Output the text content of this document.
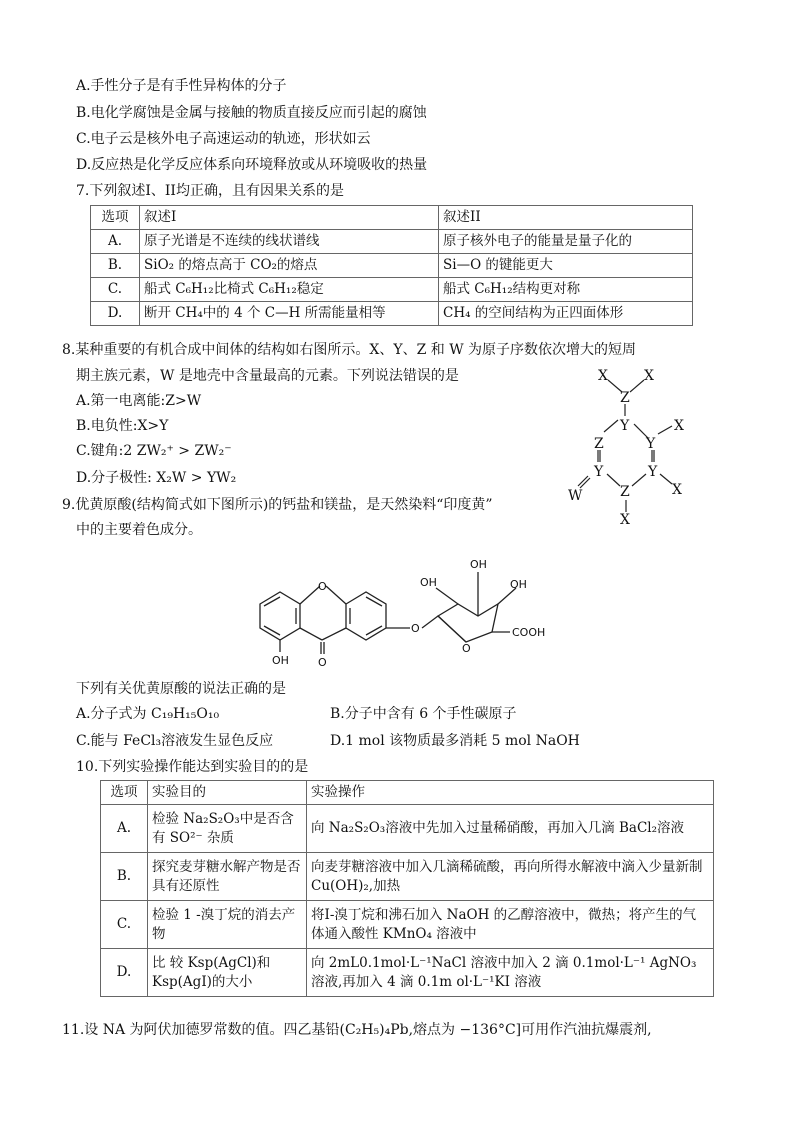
A.手性分子是有手性异构体的分子
B.电化学腐蚀是金属与接触的物质直接反应而引起的腐蚀
C.电子云是核外电子高速运动的轨迹，形状如云
D.反应热是化学反应体系向环境释放或从环境吸收的热量
7.下列叙述I、II均正确，且有因果关系的是
选项	叙述I	叙述II
A.	原子光谱是不连续的线状谱线	原子核外电子的能量是量子化的
B.	SiO₂ 的熔点高于 CO₂的熔点	Si—O 的键能更大
C.	船式 C₆H₁₂比椅式 C₆H₁₂稳定	船式 C₆H₁₂结构更对称
D.	断开 CH₄中的 4 个 C—H 所需能量相等	CH₄ 的空间结构为正四面体形
8.某种重要的有机合成中间体的结构如右图所示。X、Y、Z 和 W 为原子序数依次增大的短周
期主族元素，W 是地壳中含量最高的元素。下列说法错误的是
A.第一电离能:Z>W
B.电负性:X>Y
C.键角:2 ZW₂⁺ > ZW₂⁻
D.分子极性: X₂W > YW₂
X	X
Z
Y
Z	Y
X
Y	Y
W	Z	X
X
9.优黄原酸(结构简式如下图所示)的钙盐和镁盐，是天然染料“印度黄”
中的主要着色成分。
O
O
OH
O
O
OH
OH
OH
COOH
下列有关优黄原酸的说法正确的是
A.分子式为 C₁₉H₁₅O₁₀	B.分子中含有 6 个手性碳原子
C.能与 FeCl₃溶液发生显色反应	D.1 mol 该物质最多消耗 5 mol NaOH
10.下列实验操作能达到实验目的的是
选项	实验目的	实验操作
A.	检验 Na₂S₂O₃中是否含有 SO²⁻ 杂质	向 Na₂S₂O₃溶液中先加入过量稀硝酸，再加入几滴 BaCl₂溶液
B.	探究麦芽糖水解产物是否具有还原性	向麦芽糖溶液中加入几滴稀硫酸，再向所得水解液中滴入少量新制 Cu(OH)₂,加热
C.	检验 1 -溴丁烷的消去产物	将I-溴丁烷和沸石加入 NaOH 的乙醇溶液中，微热；将产生的气体通入酸性 KMnO₄ 溶液中
D.	比 较 Ksp(AgCl)和 Ksp(AgI)的大小	向 2mL0.1mol·L⁻¹NaCl 溶液中加入 2 滴 0.1mol·L⁻¹ AgNO₃溶液,再加入 4 滴 0.1m ol·L⁻¹KI 溶液
11.设 NA 为阿伏加德罗常数的值。四乙基铅(C₂H₅)₄Pb,熔点为 −136°C]可用作汽油抗爆震剂,
